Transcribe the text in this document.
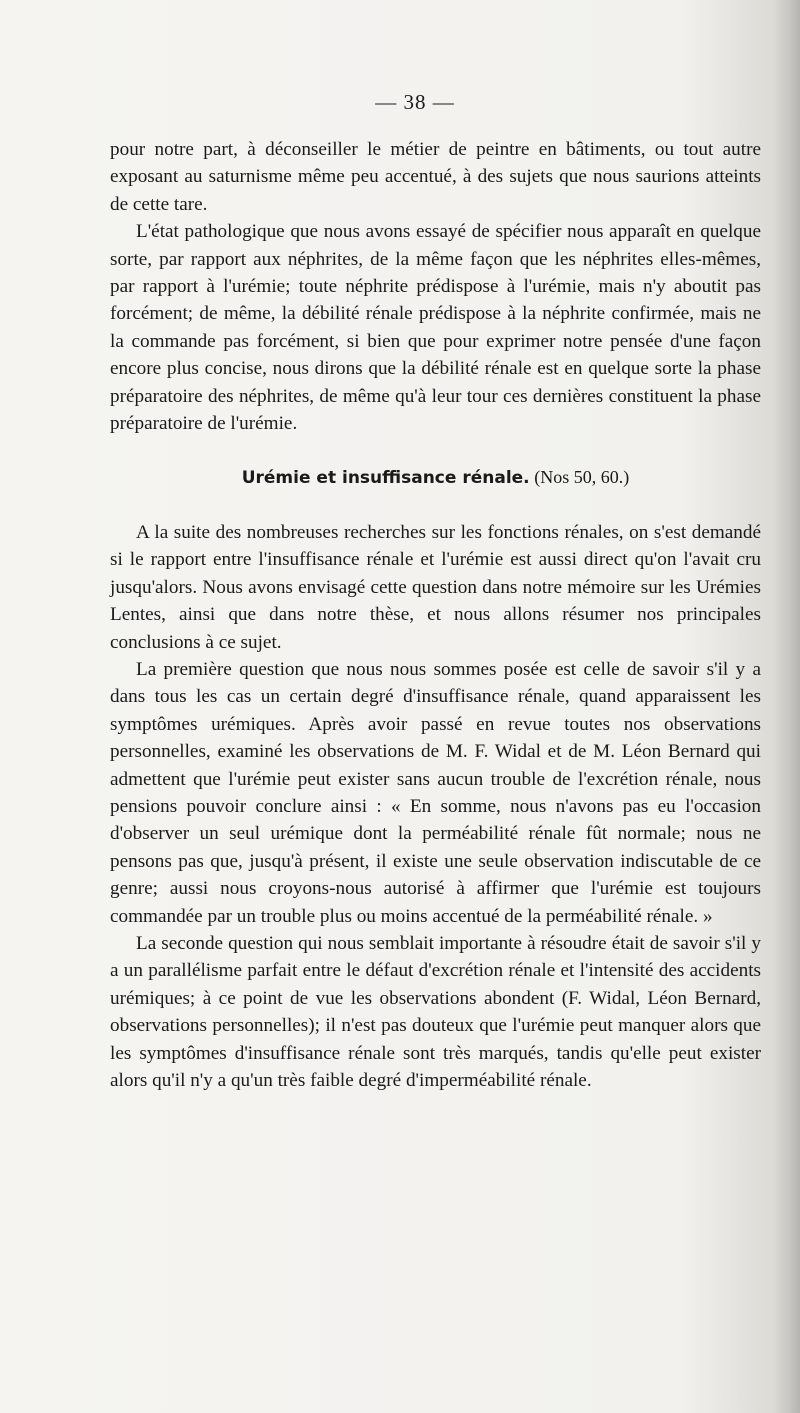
— 38 —

pour notre part, à déconseiller le métier de peintre en bâtiments, ou tout autre exposant au saturnisme même peu accentué, à des sujets que nous saurions atteints de cette tare.

L'état pathologique que nous avons essayé de spécifier nous apparaît en quelque sorte, par rapport aux néphrites, de la même façon que les néphrites elles-mêmes, par rapport à l'urémie; toute néphrite prédispose à l'urémie, mais n'y aboutit pas forcément; de même, la débilité rénale prédispose à la néphrite confirmée, mais ne la commande pas forcément, si bien que pour exprimer notre pensée d'une façon encore plus concise, nous dirons que la débilité rénale est en quelque sorte la phase préparatoire des néphrites, de même qu'à leur tour ces dernières constituent la phase préparatoire de l'urémie.

Urémie et insuffisance rénale. (Nos 50, 60.)

A la suite des nombreuses recherches sur les fonctions rénales, on s'est demandé si le rapport entre l'insuffisance rénale et l'urémie est aussi direct qu'on l'avait cru jusqu'alors. Nous avons envisagé cette question dans notre mémoire sur les Urémies Lentes, ainsi que dans notre thèse, et nous allons résumer nos principales conclusions à ce sujet.

La première question que nous nous sommes posée est celle de savoir s'il y a dans tous les cas un certain degré d'insuffisance rénale, quand apparaissent les symptômes urémiques. Après avoir passé en revue toutes nos observations personnelles, examiné les observations de M. F. Widal et de M. Léon Bernard qui admettent que l'urémie peut exister sans aucun trouble de l'excrétion rénale, nous pensions pouvoir conclure ainsi : « En somme, nous n'avons pas eu l'occasion d'observer un seul urémique dont la perméabilité rénale fût normale; nous ne pensons pas que, jusqu'à présent, il existe une seule observation indiscutable de ce genre; aussi nous croyons-nous autorisé à affirmer que l'urémie est toujours commandée par un trouble plus ou moins accentué de la perméabilité rénale. »

La seconde question qui nous semblait importante à résoudre était de savoir s'il y a un parallélisme parfait entre le défaut d'excrétion rénale et l'intensité des accidents urémiques; à ce point de vue les observations abondent (F. Widal, Léon Bernard, observations personnelles); il n'est pas douteux que l'urémie peut manquer alors que les symptômes d'insuffisance rénale sont très marqués, tandis qu'elle peut exister alors qu'il n'y a qu'un très faible degré d'imperméabilité rénale.
